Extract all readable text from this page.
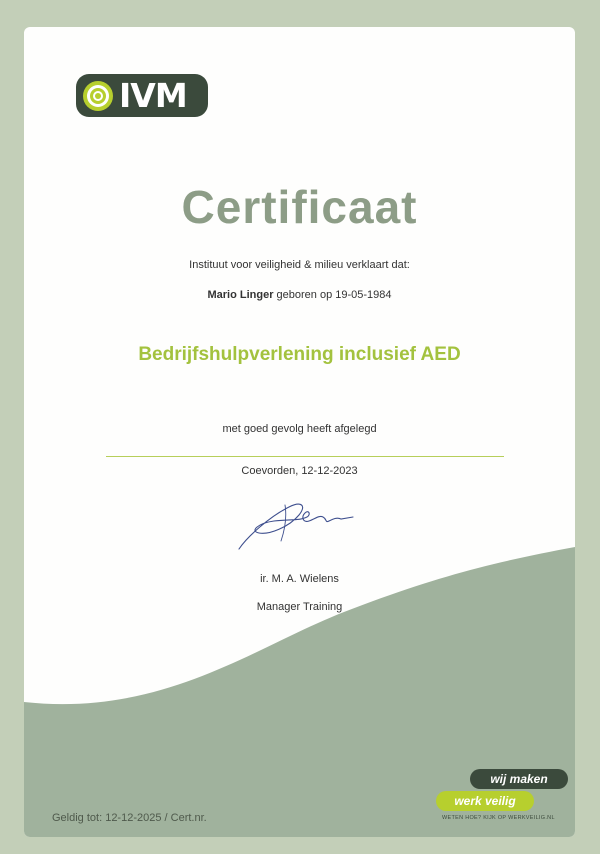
IVM
Certificaat
Instituut voor veiligheid & milieu verklaart dat:
Mario Linger geboren op 19-05-1984
Bedrijfshulpverlening inclusief AED
met goed gevolg heeft afgelegd
Coevorden, 12-12-2023
ir. M. A. Wielens
Manager Training
Geldig tot: 12-12-2025 / Cert.nr.
wij maken
werk veilig
WETEN HOE? KIJK OP WERKVEILIG.NL
